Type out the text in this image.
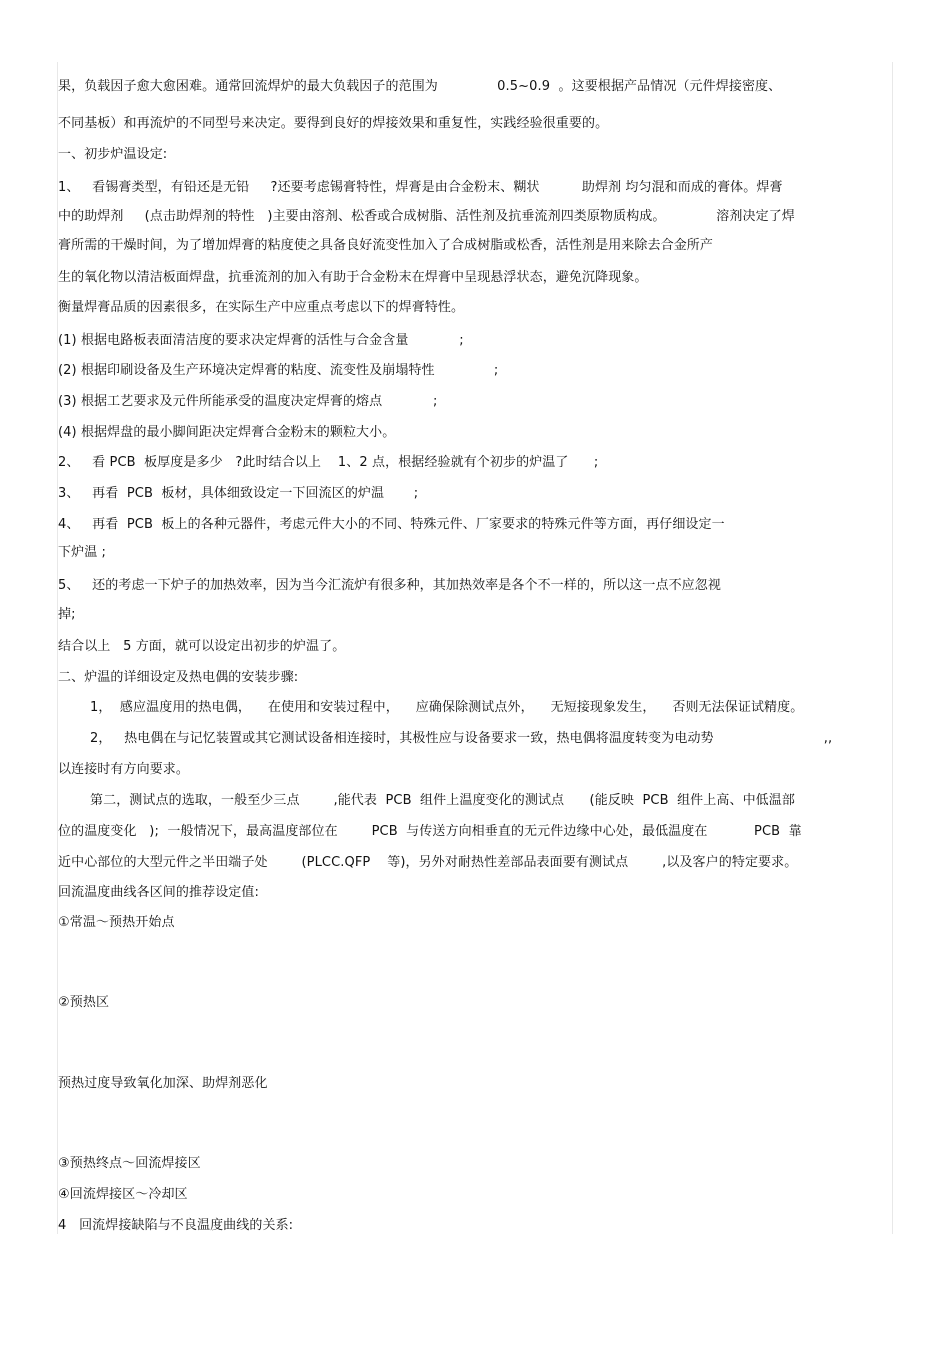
果，负载因子愈大愈困难。通常回流焊炉的最大负载因子的范围为              0.5~0.9  。这要根据产品情况（元件焊接密度、
不同基板）和再流炉的不同型号来决定。要得到良好的焊接效果和重复性，实践经验很重要的。
一、初步炉温设定:
1、   看锡膏类型，有铅还是无铅     ?还要考虑锡膏特性，焊膏是由合金粉末、糊状          助焊剂 均匀混和而成的膏体。焊膏
中的助焊剂     (点击助焊剂的特性   )主要由溶剂、松香或合成树脂、活性剂及抗垂流剂四类原物质构成。            溶剂决定了焊
膏所需的干燥时间，为了增加焊膏的粘度使之具备良好流变性加入了合成树脂或松香，活性剂是用来除去合金所产
生的氧化物以清洁板面焊盘，抗垂流剂的加入有助于合金粉末在焊膏中呈现悬浮状态，避免沉降现象。
衡量焊膏品质的因素很多，在实际生产中应重点考虑以下的焊膏特性。
(1) 根据电路板表面清洁度的要求决定焊膏的活性与合金含量            ;
(2) 根据印刷设备及生产环境决定焊膏的粘度、流变性及崩塌特性              ;
(3) 根据工艺要求及元件所能承受的温度决定焊膏的熔点            ;
(4) 根据焊盘的最小脚间距决定焊膏合金粉末的颗粒大小。
2、   看 PCB  板厚度是多少   ?此时结合以上    1、2 点，根据经验就有个初步的炉温了      ;
3、   再看  PCB  板材，具体细致设定一下回流区的炉温       ;
4、   再看  PCB  板上的各种元器件，考虑元件大小的不同、特殊元件、厂家要求的特殊元件等方面，再仔细设定一
下炉温 ;
5、   还的考虑一下炉子的加热效率，因为当今汇流炉有很多种，其加热效率是各个不一样的，所以这一点不应忽视
掉;
结合以上   5 方面，就可以设定出初步的炉温了。
二、炉温的详细设定及热电偶的安装步骤:
1，  感应温度用的热电偶，    在使用和安装过程中，    应确保除测试点外，    无短接现象发生，    否则无法保证试精度。
2，   热电偶在与记忆装置或其它测试设备相连接时，其极性应与设备要求一致，热电偶将温度转变为电动势                          ,,
以连接时有方向要求。
第二，测试点的选取，一般至少三点        ,能代表  PCB  组件上温度变化的测试点      (能反映  PCB  组件上高、中低温部
位的温度变化   );  一般情况下，最高温度部位在        PCB  与传送方向相垂直的无元件边缘中心处，最低温度在           PCB  靠
近中心部位的大型元件之半田端子处        (PLCC.QFP    等)，另外对耐热性差部品表面要有测试点        ,以及客户的特定要求。
回流温度曲线各区间的推荐设定值:
①常温～预热开始点
②预热区
预热过度导致氧化加深、助焊剂恶化
③预热终点～回流焊接区
④回流焊接区～冷却区
4   回流焊接缺陷与不良温度曲线的关系:
